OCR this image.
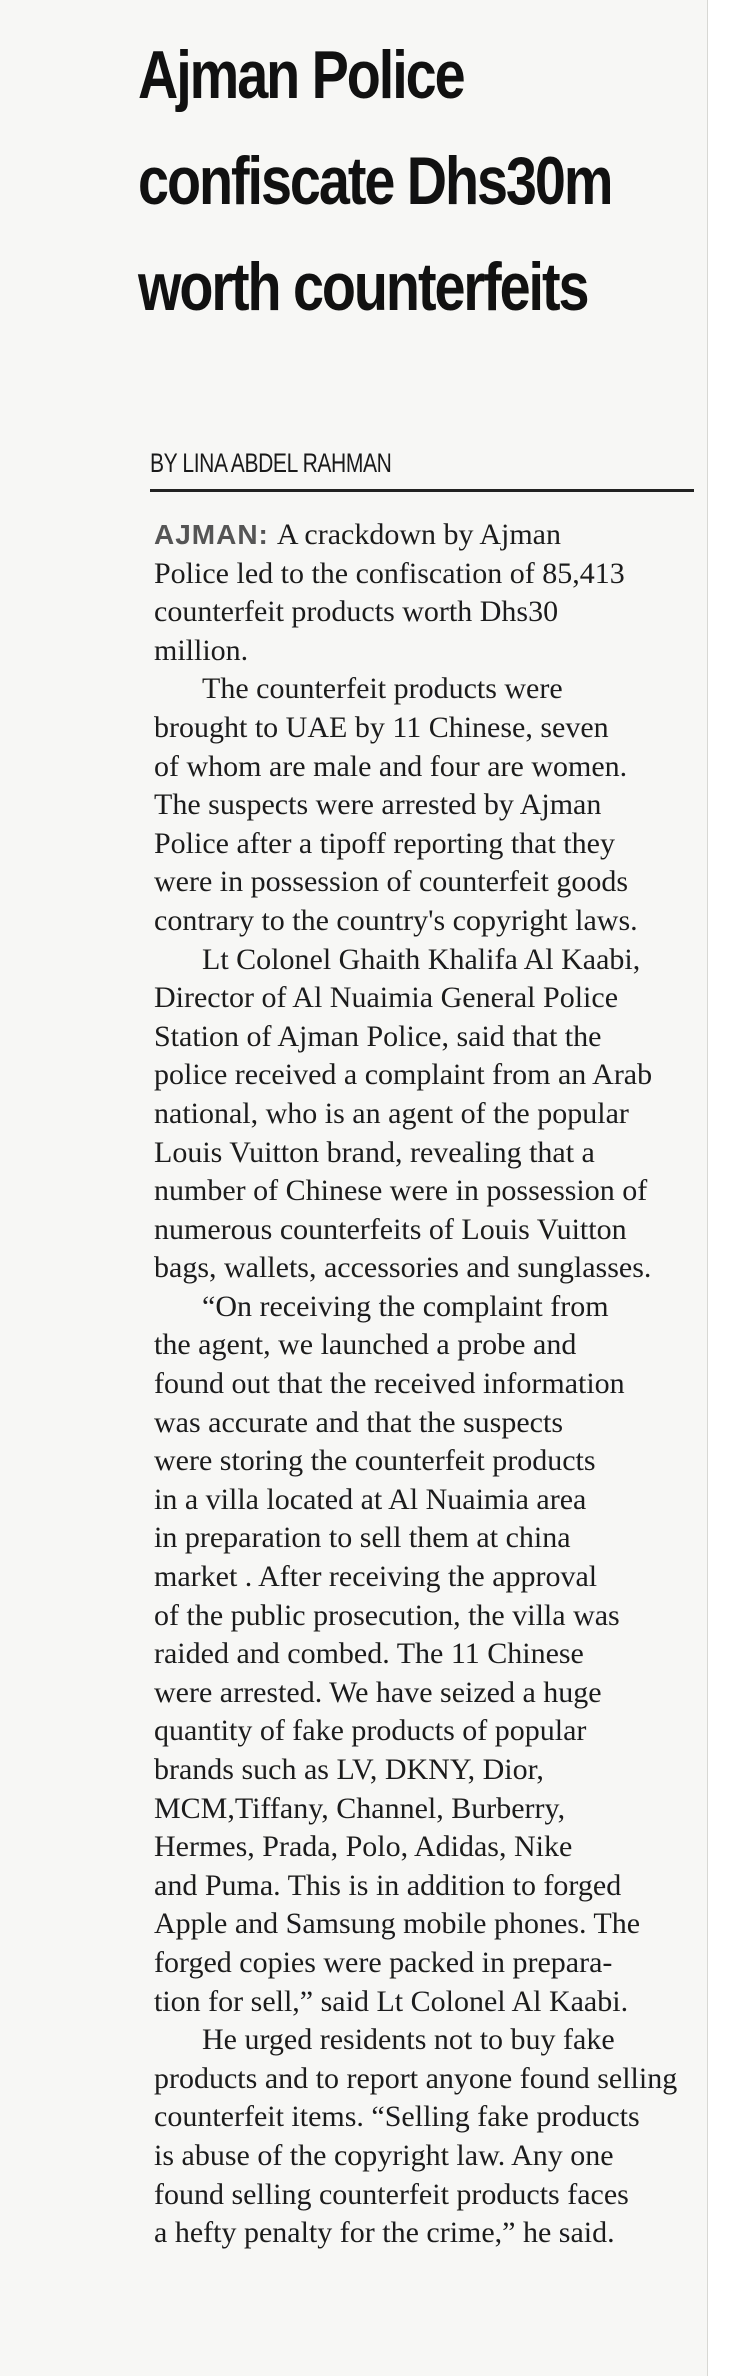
Ajman Police
confiscate Dhs30m
worth counterfeits
BY LINA ABDEL RAHMAN
AJMAN: A crackdown by Ajman
Police led to the confiscation of 85,413
counterfeit products worth Dhs30
million.
The counterfeit products were
brought to UAE by 11 Chinese, seven
of whom are male and four are women.
The suspects were arrested by Ajman
Police after a tipoff reporting that they
were in possession of counterfeit goods
contrary to the country's copyright laws.
Lt Colonel Ghaith Khalifa Al Kaabi,
Director of Al Nuaimia General Police
Station of Ajman Police, said that the
police received a complaint from an Arab
national, who is an agent of the popular
Louis Vuitton brand, revealing that a
number of Chinese were in possession of
numerous counterfeits of Louis Vuitton
bags, wallets, accessories and sunglasses.
“On receiving the complaint from
the agent, we launched a probe and
found out that the received information
was accurate and that the suspects
were storing the counterfeit products
in a villa located at Al Nuaimia area
in preparation to sell them at china
market . After receiving the approval
of the public prosecution, the villa was
raided and combed. The 11 Chinese
were arrested. We have seized a huge
quantity of fake products of popular
brands such as LV, DKNY, Dior,
MCM,Tiffany, Channel, Burberry,
Hermes, Prada, Polo, Adidas, Nike
and Puma. This is in addition to forged
Apple and Samsung mobile phones. The
forged copies were packed in prepara-
tion for sell,” said Lt Colonel Al Kaabi.
He urged residents not to buy fake
products and to report anyone found selling
counterfeit items. “Selling fake products
is abuse of the copyright law. Any one
found selling counterfeit products faces
a hefty penalty for the crime,” he said.
